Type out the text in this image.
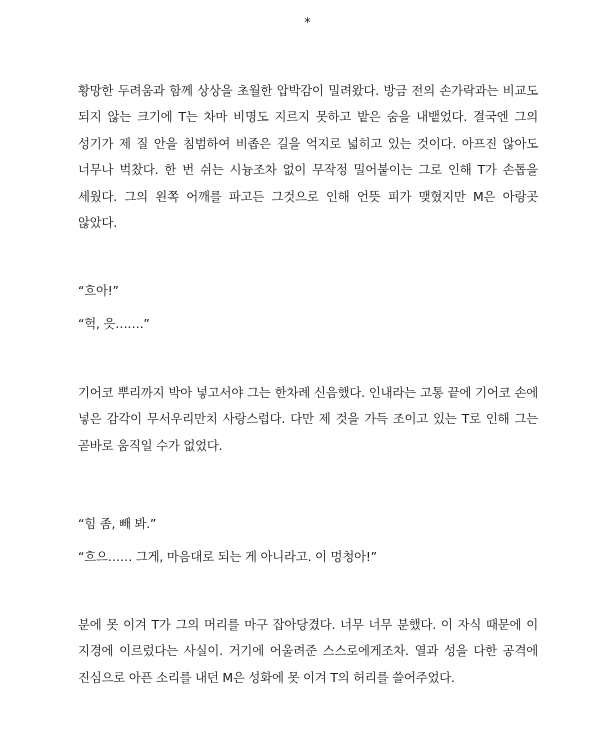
*

황망한 두려움과 함께 상상을 초월한 압박감이 밀려왔다. 방금 전의 손가락과는 비교도 되지 않는 크기에 T는 차마 비명도 지르지 못하고 밭은 숨을 내뱉었다. 결국엔 그의 성기가 제 질 안을 침범하여 비좁은 길을 억지로 넓히고 있는 것이다. 아프진 않아도 너무나 벅찼다. 한 번 쉬는 시늉조차 없이 무작정 밀어붙이는 그로 인해 T가 손톱을 세웠다. 그의 왼쪽 어깨를 파고든 그것으로 인해 언뜻 피가 맺혔지만 M은 아랑곳 않았다.

“흐아!”

“헉, 읏…….”

기어코 뿌리까지 박아 넣고서야 그는 한차례 신음했다. 인내라는 고통 끝에 기어코 손에 넣은 감각이 무서우리만치 사랑스럽다. 다만 제 것을 가득 조이고 있는 T로 인해 그는 곧바로 움직일 수가 없었다.

“힘 좀, 빼 봐.”

“흐으…… 그게, 마음대로 되는 게 아니라고. 이 멍청아!”

분에 못 이겨 T가 그의 머리를 마구 잡아당겼다. 너무 너무 분했다. 이 자식 때문에 이 지경에 이르렀다는 사실이. 거기에 어울려준 스스로에게조차. 열과 성을 다한 공격에 진심으로 아픈 소리를 내던 M은 성화에 못 이겨 T의 허리를 쓸어주었다.
